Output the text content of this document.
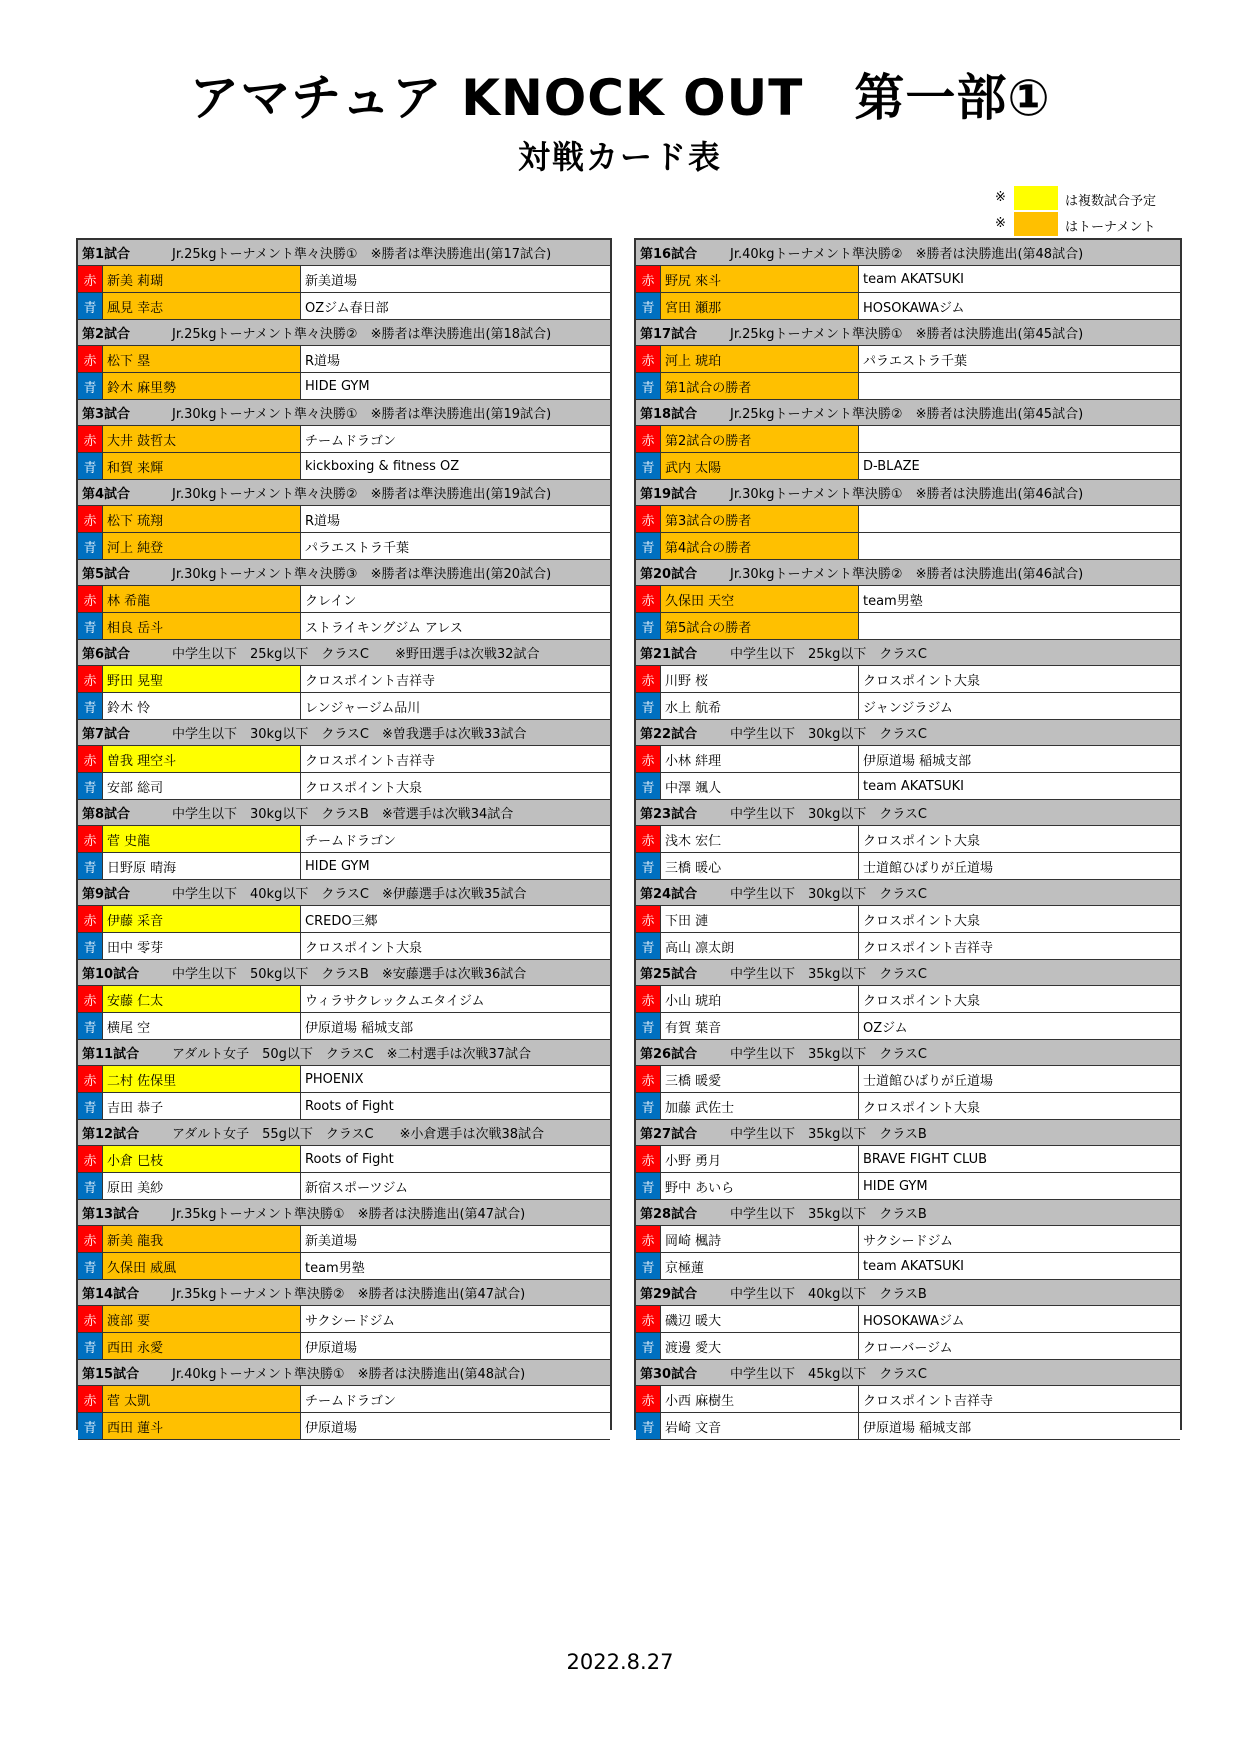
アマチュア KNOCK OUT　第一部①
対戦カード表
※	は複数試合予定
※	はトーナメント
第1試合	Jr.25kgトーナメント準々決勝①　※勝者は準決勝進出(第17試合)
赤 新美 莉瑚	新美道場
青 風見 幸志	OZジム春日部
第2試合	Jr.25kgトーナメント準々決勝②　※勝者は準決勝進出(第18試合)
赤 松下 塁	R道場
青 鈴木 麻里勢	HIDE GYM
第3試合	Jr.30kgトーナメント準々決勝①　※勝者は準決勝進出(第19試合)
赤 大井 鼓哲太	チームドラゴン
青 和賀 来輝	kickboxing & fitness OZ
第4試合	Jr.30kgトーナメント準々決勝②　※勝者は準決勝進出(第19試合)
赤 松下 琉翔	R道場
青 河上 純登	パラエストラ千葉
第5試合	Jr.30kgトーナメント準々決勝③　※勝者は準決勝進出(第20試合)
赤 林 希龍	クレイン
青 相良 岳斗	ストライキングジム アレス
第6試合	中学生以下　25kg以下　クラスC　　※野田選手は次戦32試合
赤 野田 晃聖	クロスポイント吉祥寺
青 鈴木 怜	レンジャージム品川
第7試合	中学生以下　30kg以下　クラスC　※曽我選手は次戦33試合
赤 曽我 理空斗	クロスポイント吉祥寺
青 安部 総司	クロスポイント大泉
第8試合	中学生以下　30kg以下　クラスB　※菅選手は次戦34試合
赤 菅 史龍	チームドラゴン
青 日野原 晴海	HIDE GYM
第9試合	中学生以下　40kg以下　クラスC　※伊藤選手は次戦35試合
赤 伊藤 采音	CREDO三郷
青 田中 零芽	クロスポイント大泉
第10試合	中学生以下　50kg以下　クラスB　※安藤選手は次戦36試合
赤 安藤 仁太	ウィラサクレックムエタイジム
青 横尾 空	伊原道場 稲城支部
第11試合	アダルト女子　50g以下　クラスC　※二村選手は次戦37試合
赤 二村 佐保里	PHOENIX
青 吉田 恭子	Roots of Fight
第12試合	アダルト女子　55g以下　クラスC　　※小倉選手は次戦38試合
赤 小倉 巳枝	Roots of Fight
青 原田 美紗	新宿スポーツジム
第13試合	Jr.35kgトーナメント準決勝①　※勝者は決勝進出(第47試合)
赤 新美 龍我	新美道場
青 久保田 威風	team男塾
第14試合	Jr.35kgトーナメント準決勝②　※勝者は決勝進出(第47試合)
赤 渡部 要	サクシードジム
青 西田 永愛	伊原道場
第15試合	Jr.40kgトーナメント準決勝①　※勝者は決勝進出(第48試合)
赤 菅 太凱	チームドラゴン
青 西田 蓮斗	伊原道場
第16試合	Jr.40kgトーナメント準決勝②　※勝者は決勝進出(第48試合)
赤 野尻 來斗	team AKATSUKI
青 宮田 瀬那	HOSOKAWAジム
第17試合	Jr.25kgトーナメント準決勝①　※勝者は決勝進出(第45試合)
赤 河上 琥珀	パラエストラ千葉
青 第1試合の勝者
第18試合	Jr.25kgトーナメント準決勝②　※勝者は決勝進出(第45試合)
赤 第2試合の勝者
青 武内 太陽	D-BLAZE
第19試合	Jr.30kgトーナメント準決勝①　※勝者は決勝進出(第46試合)
赤 第3試合の勝者
青 第4試合の勝者
第20試合	Jr.30kgトーナメント準決勝②　※勝者は決勝進出(第46試合)
赤 久保田 天空	team男塾
青 第5試合の勝者
第21試合	中学生以下　25kg以下　クラスC
赤 川野 桜	クロスポイント大泉
青 水上 航希	ジャンジラジム
第22試合	中学生以下　30kg以下　クラスC
赤 小林 絆理	伊原道場 稲城支部
青 中澤 颯人	team AKATSUKI
第23試合	中学生以下　30kg以下　クラスC
赤 浅木 宏仁	クロスポイント大泉
青 三橋 暖心	士道館ひばりが丘道場
第24試合	中学生以下　30kg以下　クラスC
赤 下田 漣	クロスポイント大泉
青 高山 凛太朗	クロスポイント吉祥寺
第25試合	中学生以下　35kg以下　クラスC
赤 小山 琥珀	クロスポイント大泉
青 有賀 葉音	OZジム
第26試合	中学生以下　35kg以下　クラスC
赤 三橋 暖愛	士道館ひばりが丘道場
青 加藤 武佐士	クロスポイント大泉
第27試合	中学生以下　35kg以下　クラスB
赤 小野 勇月	BRAVE FIGHT CLUB
青 野中 あいら	HIDE GYM
第28試合	中学生以下　35kg以下　クラスB
赤 岡崎 楓詩	サクシードジム
青 京極蓮	team AKATSUKI
第29試合	中学生以下　40kg以下　クラスB
赤 磯辺 暖大	HOSOKAWAジム
青 渡邊 愛大	クローバージム
第30試合	中学生以下　45kg以下　クラスC
赤 小西 麻樹生	クロスポイント吉祥寺
青 岩崎 文音	伊原道場 稲城支部
2022.8.27
